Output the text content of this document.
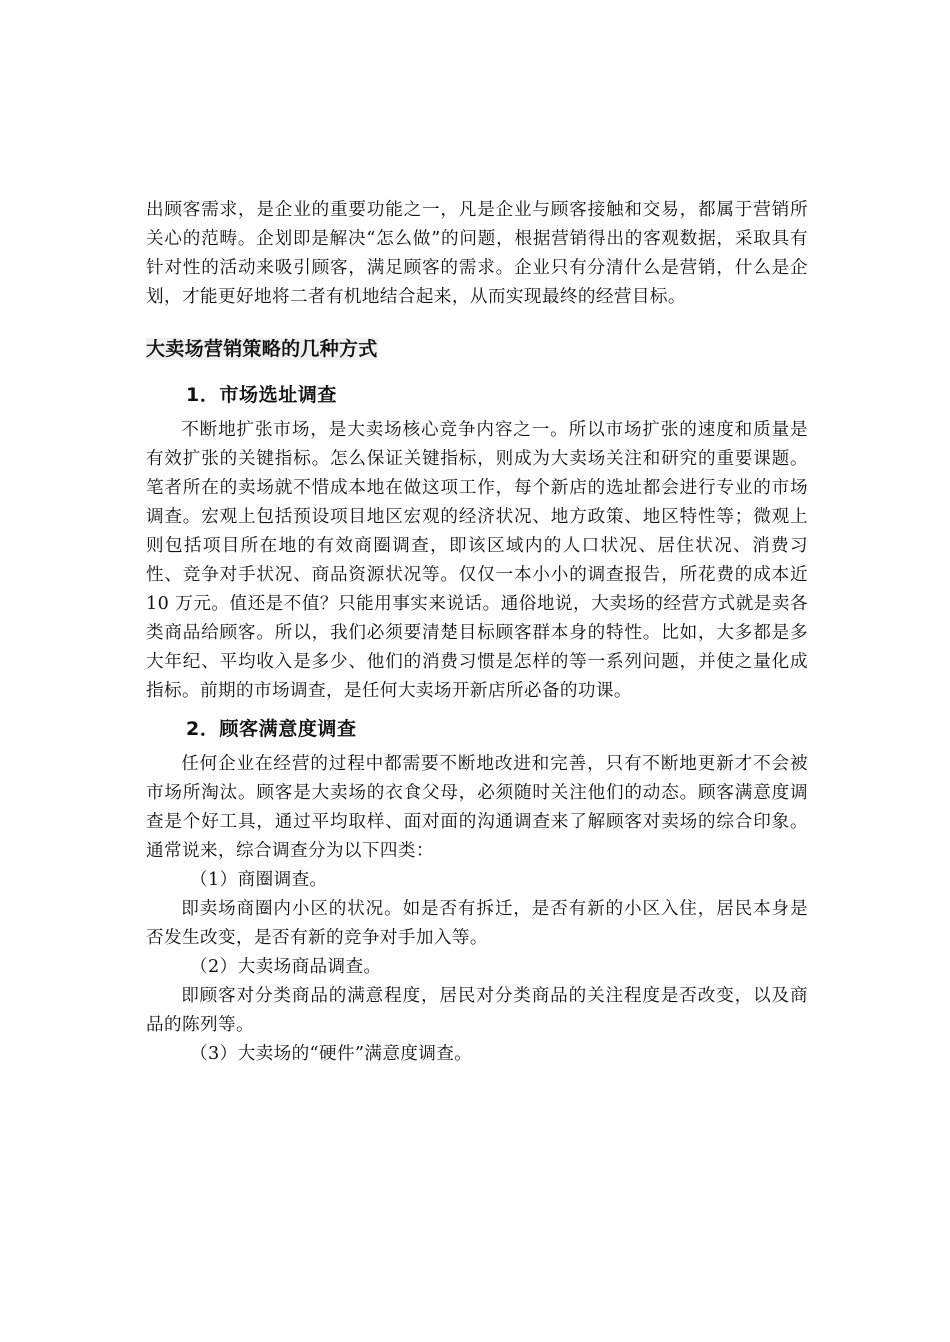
出顾客需求，是企业的重要功能之一，凡是企业与顾客接触和交易，都属于营销所关心的范畴。企划即是解决“怎么做”的问题，根据营销得出的客观数据，采取具有针对性的活动来吸引顾客，满足顾客的需求。企业只有分清什么是营销，什么是企划，才能更好地将二者有机地结合起来，从而实现最终的经营目标。

大卖场营销策略的几种方式
1．市场选址调查

不断地扩张市场，是大卖场核心竞争内容之一。所以市场扩张的速度和质量是有效扩张的关键指标。怎么保证关键指标，则成为大卖场关注和研究的重要课题。笔者所在的卖场就不惜成本地在做这项工作，每个新店的选址都会进行专业的市场调查。宏观上包括预设项目地区宏观的经济状况、地方政策、地区特性等；微观上则包括项目所在地的有效商圈调查，即该区域内的人口状况、居住状况、消费习性、竞争对手状况、商品资源状况等。仅仅一本小小的调查报告，所花费的成本近 10 万元。值还是不值？只能用事实来说话。通俗地说，大卖场的经营方式就是卖各类商品给顾客。所以，我们必须要清楚目标顾客群本身的特性。比如，大多都是多大年纪、平均收入是多少、他们的消费习惯是怎样的等一系列问题，并使之量化成指标。前期的市场调查，是任何大卖场开新店所必备的功课。

2．顾客满意度调查

任何企业在经营的过程中都需要不断地改进和完善，只有不断地更新才不会被市场所淘汰。顾客是大卖场的衣食父母，必须随时关注他们的动态。顾客满意度调查是个好工具，通过平均取样、面对面的沟通调查来了解顾客对卖场的综合印象。通常说来，综合调查分为以下四类：

（1）商圈调查。

即卖场商圈内小区的状况。如是否有拆迁，是否有新的小区入住，居民本身是否发生改变，是否有新的竞争对手加入等。

（2）大卖场商品调查。

即顾客对分类商品的满意程度，居民对分类商品的关注程度是否改变，以及商品的陈列等。

（3）大卖场的“硬件”满意度调查。
